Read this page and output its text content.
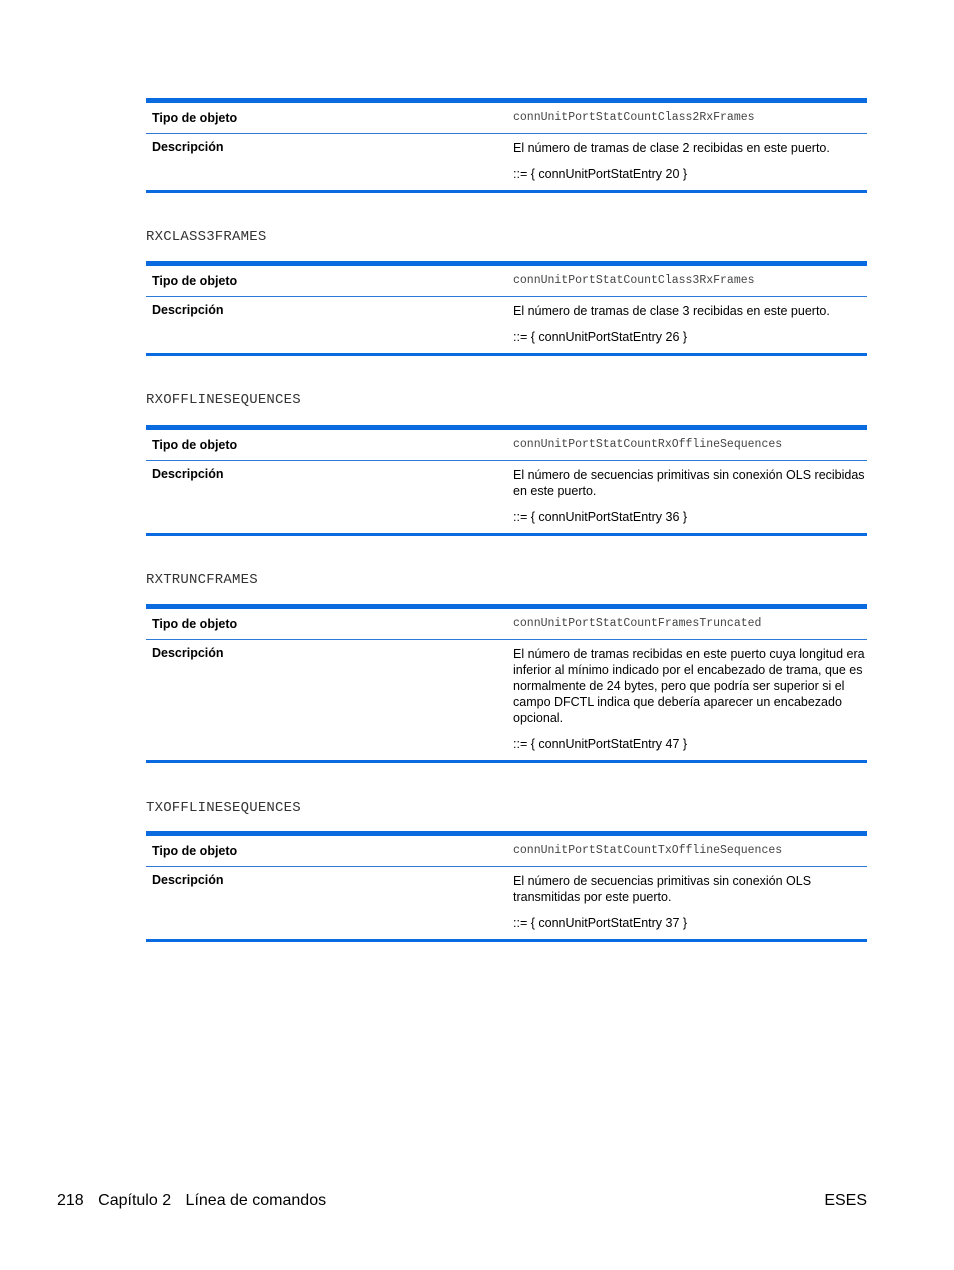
Tipo de objeto	connUnitPortStatCountClass2RxFrames
Descripción	El número de tramas de clase 2 recibidas en este puerto.
::= { connUnitPortStatEntry 20 }
RXCLASS3FRAMES
Tipo de objeto	connUnitPortStatCountClass3RxFrames
Descripción	El número de tramas de clase 3 recibidas en este puerto.
::= { connUnitPortStatEntry 26 }
RXOFFLINESEQUENCES
Tipo de objeto	connUnitPortStatCountRxOfflineSequences
Descripción	El número de secuencias primitivas sin conexión OLS recibidas en este puerto.
::= { connUnitPortStatEntry 36 }
RXTRUNCFRAMES
Tipo de objeto	connUnitPortStatCountFramesTruncated
Descripción	El número de tramas recibidas en este puerto cuya longitud era inferior al mínimo indicado por el encabezado de trama, que es normalmente de 24 bytes, pero que podría ser superior si el campo DFCTL indica que debería aparecer un encabezado opcional.
::= { connUnitPortStatEntry 47 }
TXOFFLINESEQUENCES
Tipo de objeto	connUnitPortStatCountTxOfflineSequences
Descripción	El número de secuencias primitivas sin conexión OLS transmitidas por este puerto.
::= { connUnitPortStatEntry 37 }
218 Capítulo 2 Línea de comandos	ESES
